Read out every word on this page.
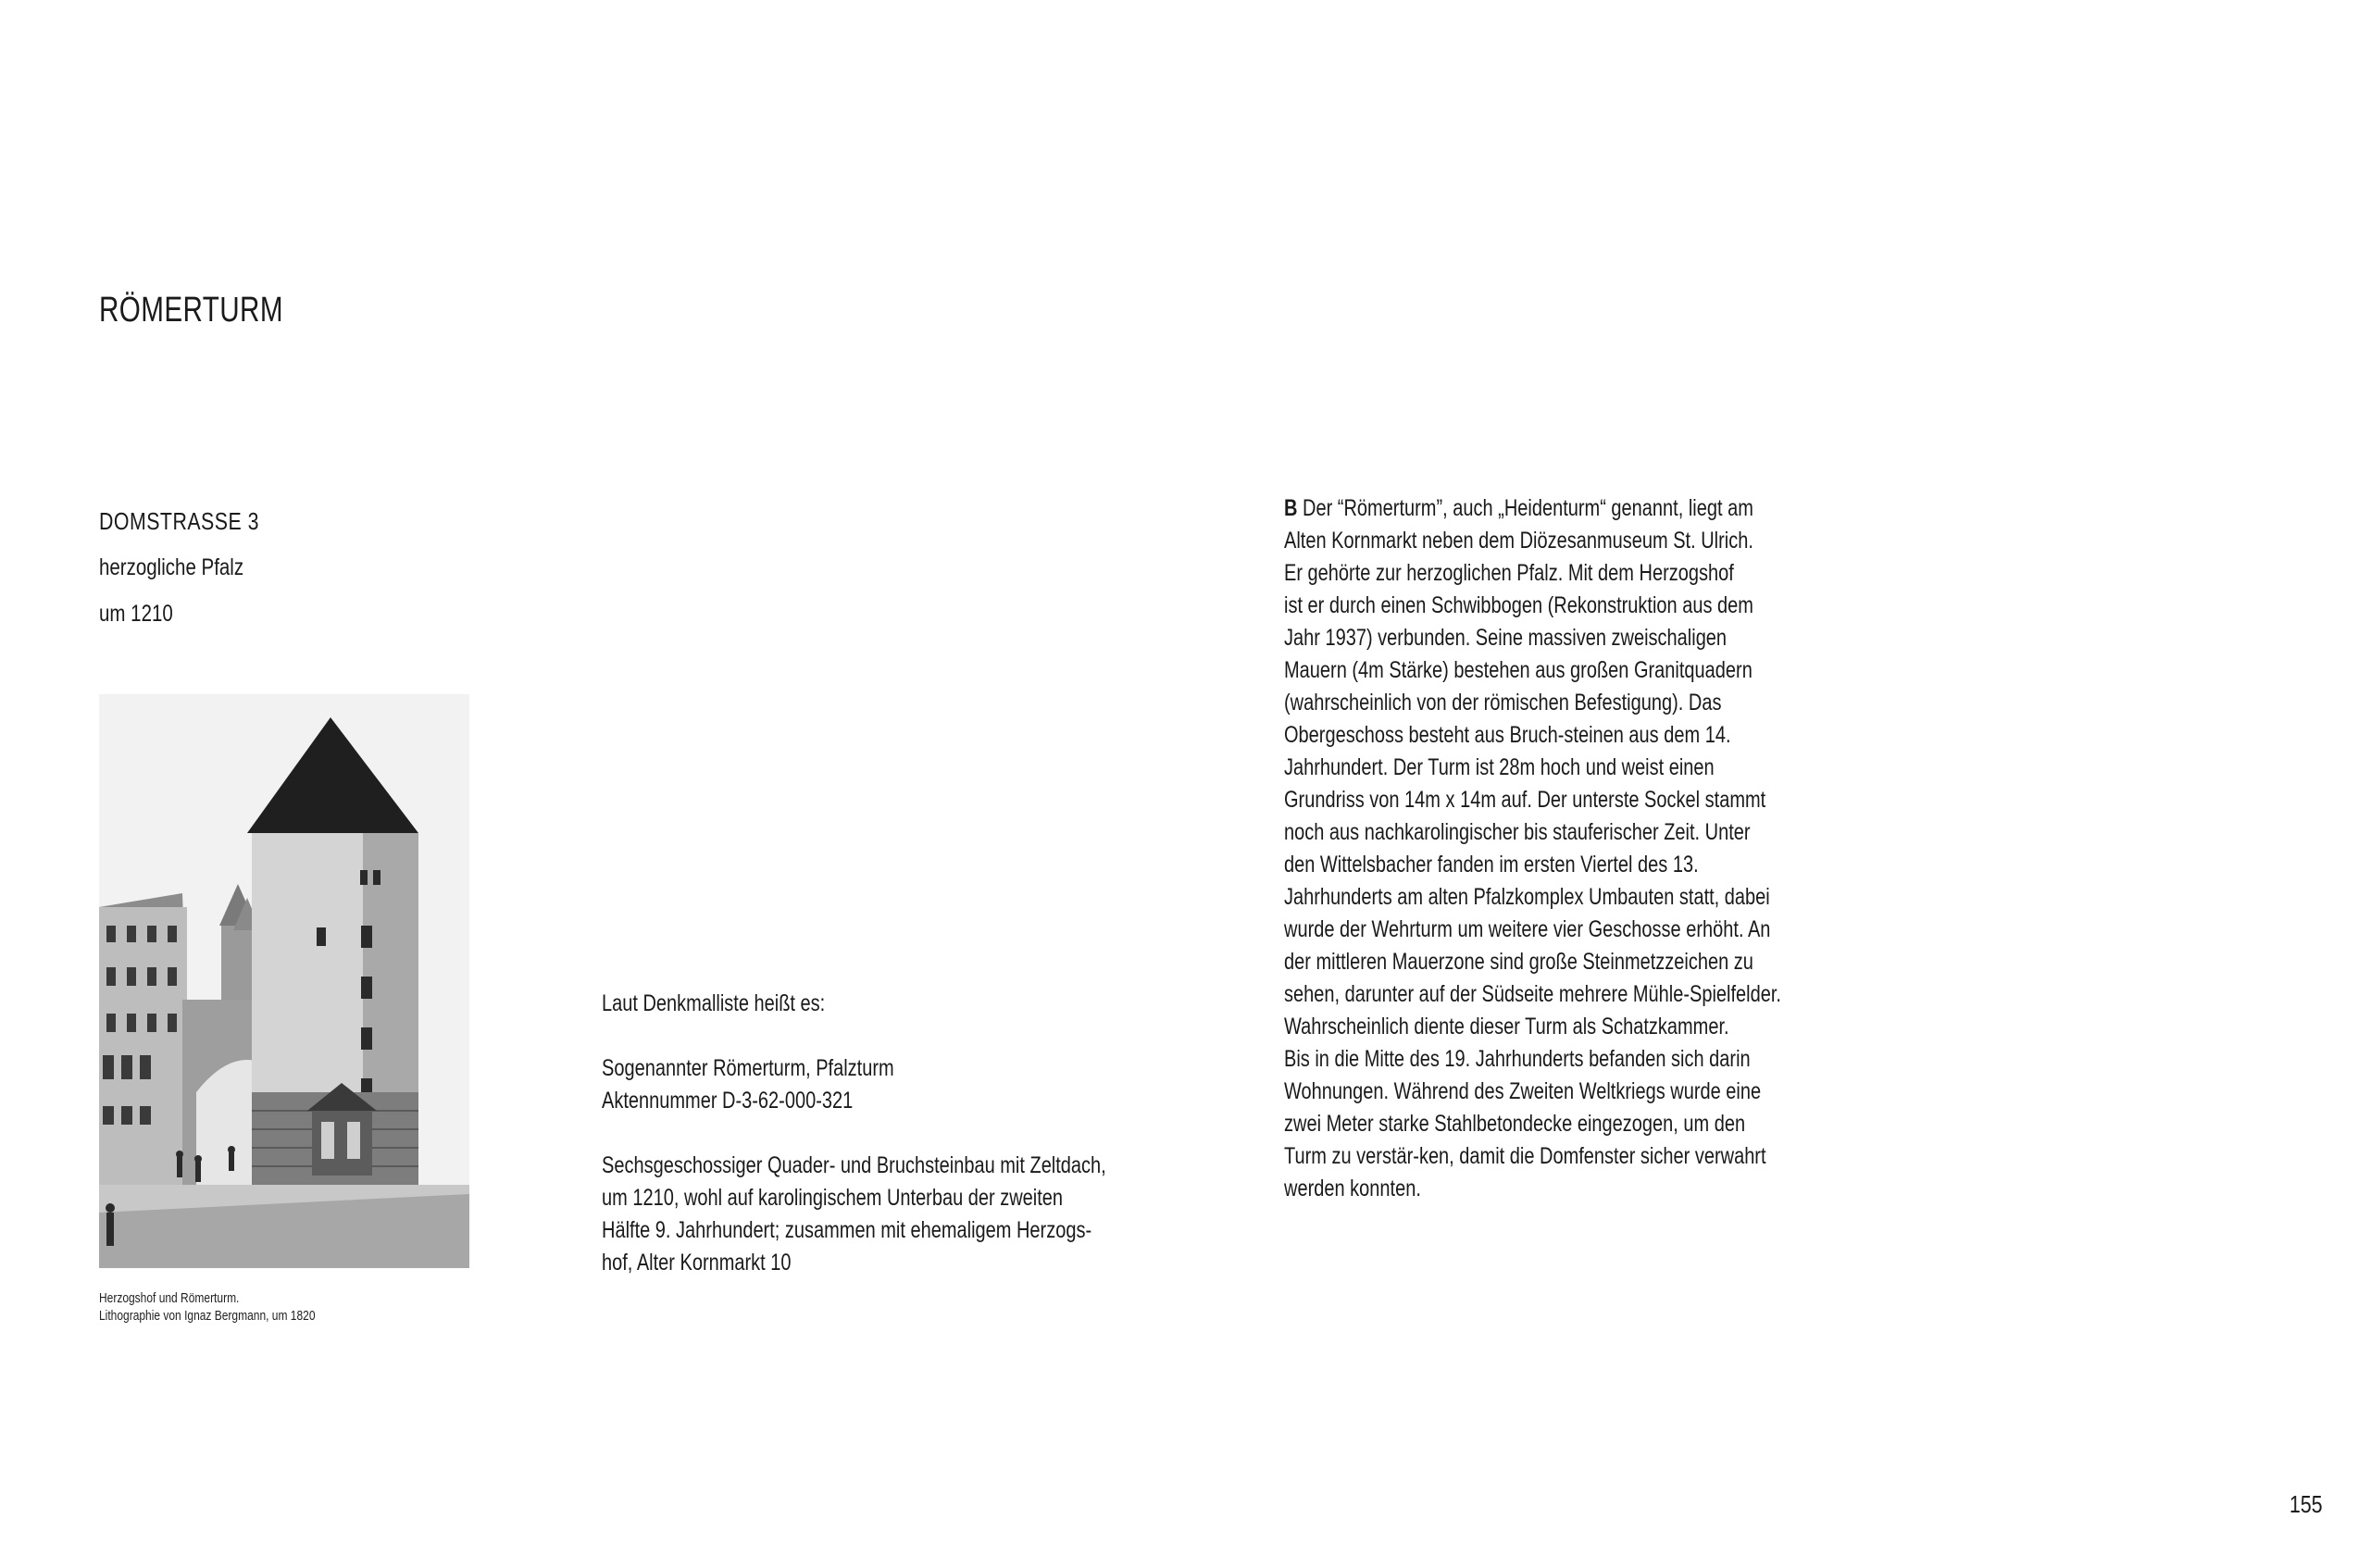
RÖMERTURM
DOMSTRASSE 3
herzogliche Pfalz
um 1210
Herzogshof und Römerturm.
Lithographie von Ignaz Bergmann, um 1820

Laut Denkmalliste heißt es:

Sogenannter Römerturm, Pfalzturm

Aktennummer D-3-62-000-321

Sechsgeschossiger Quader- und Bruchsteinbau mit Zeltdach,

um 1210, wohl auf karolingischem Unterbau der zweiten

Hälfte 9. Jahrhundert; zusammen mit ehemaligem Herzogs-

hof, Alter Kornmarkt 10

B Der “Römerturm”, auch „Heidenturm“ genannt, liegt am
Alten Kornmarkt neben dem Diözesanmuseum St. Ulrich.
Er gehörte zur herzoglichen Pfalz. Mit dem Herzogshof
ist er durch einen Schwibbogen (Rekonstruktion aus dem
Jahr 1937) verbunden. Seine massiven zweischaligen
Mauern (4m Stärke) bestehen aus großen Granitquadern
(wahrscheinlich von der römischen Befestigung). Das
Obergeschoss besteht aus Bruch-steinen aus dem 14.
Jahrhundert. Der Turm ist 28m hoch und weist einen
Grundriss von 14m x 14m auf. Der unterste Sockel stammt
noch aus nachkarolingischer bis stauferischer Zeit. Unter
den Wittelsbacher fanden im ersten Viertel des 13.
Jahrhunderts am alten Pfalzkomplex Umbauten statt, dabei
wurde der Wehrturm um weitere vier Geschosse erhöht. An
der mittleren Mauerzone sind große Steinmetzzeichen zu
sehen, darunter auf der Südseite mehrere Mühle-Spielfelder.
Wahrscheinlich diente dieser Turm als Schatzkammer.
Bis in die Mitte des 19. Jahrhunderts befanden sich darin
Wohnungen. Während des Zweiten Weltkriegs wurde eine
zwei Meter starke Stahlbetondecke eingezogen, um den
Turm zu verstär-ken, damit die Domfenster sicher verwahrt
werden konnten.
155
